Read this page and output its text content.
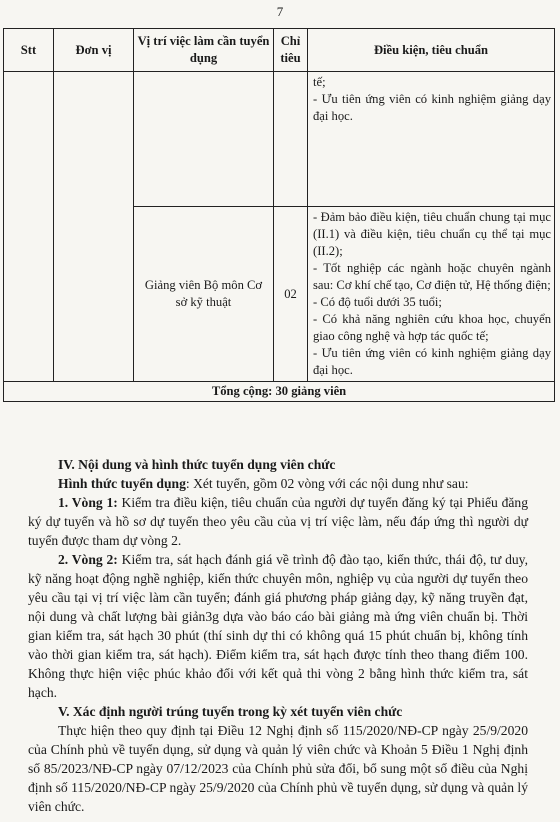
7
Stt	Đơn vị	Vị trí việc làm cần tuyển dụng	Chỉ tiêu	Điều kiện, tiêu chuẩn

				tế;
- Ưu tiên ứng viên có kinh nghiệm giảng dạy đại học.

		Giảng viên Bộ môn Cơ sở kỹ thuật	02	- Đảm bảo điều kiện, tiêu chuẩn chung tại mục (II.1) và điều kiện, tiêu chuẩn cụ thể tại mục (II.2);
- Tốt nghiệp các ngành hoặc chuyên ngành sau: Cơ khí chế tạo, Cơ điện tử, Hệ thống điện;
- Có độ tuổi dưới 35 tuổi;
- Có khả năng nghiên cứu khoa học, chuyển giao công nghệ và hợp tác quốc tế;
- Ưu tiên ứng viên có kinh nghiệm giảng dạy đại học.

Tổng cộng: 30 giảng viên				

IV. Nội dung và hình thức tuyển dụng viên chức

Hình thức tuyển dụng: Xét tuyển, gồm 02 vòng với các nội dung như sau:

1. Vòng 1: Kiểm tra điều kiện, tiêu chuẩn của người dự tuyển đăng ký tại Phiếu đăng ký dự tuyển và hồ sơ dự tuyển theo yêu cầu của vị trí việc làm, nếu đáp ứng thì người dự tuyển được tham dự vòng 2.

2. Vòng 2: Kiểm tra, sát hạch đánh giá về trình độ đào tạo, kiến thức, thái độ, tư duy, kỹ năng hoạt động nghề nghiệp, kiến thức chuyên môn, nghiệp vụ của người dự tuyển theo yêu cầu tại vị trí việc làm cần tuyển; đánh giá phương pháp giảng dạy, kỹ năng truyền đạt, nội dung và chất lượng bài giản3g dựa vào báo cáo bài giảng mà ứng viên chuẩn bị. Thời gian kiểm tra, sát hạch 30 phút (thí sinh dự thi có không quá 15 phút chuẩn bị, không tính vào thời gian kiểm tra, sát hạch). Điểm kiểm tra, sát hạch được tính theo thang điểm 100. Không thực hiện việc phúc khảo đối với kết quả thi vòng 2 bằng hình thức kiểm tra, sát hạch.

V. Xác định người trúng tuyển trong kỳ xét tuyển viên chức

Thực hiện theo quy định tại Điều 12 Nghị định số 115/2020/NĐ-CP ngày 25/9/2020 của Chính phủ về tuyển dụng, sử dụng và quản lý viên chức và Khoản 5 Điều 1 Nghị định số 85/2023/NĐ-CP ngày 07/12/2023 của Chính phủ sửa đổi, bổ sung một số điều của Nghị định số 115/2020/NĐ-CP ngày 25/9/2020 của Chính phủ về tuyển dụng, sử dụng và quản lý viên chức.
